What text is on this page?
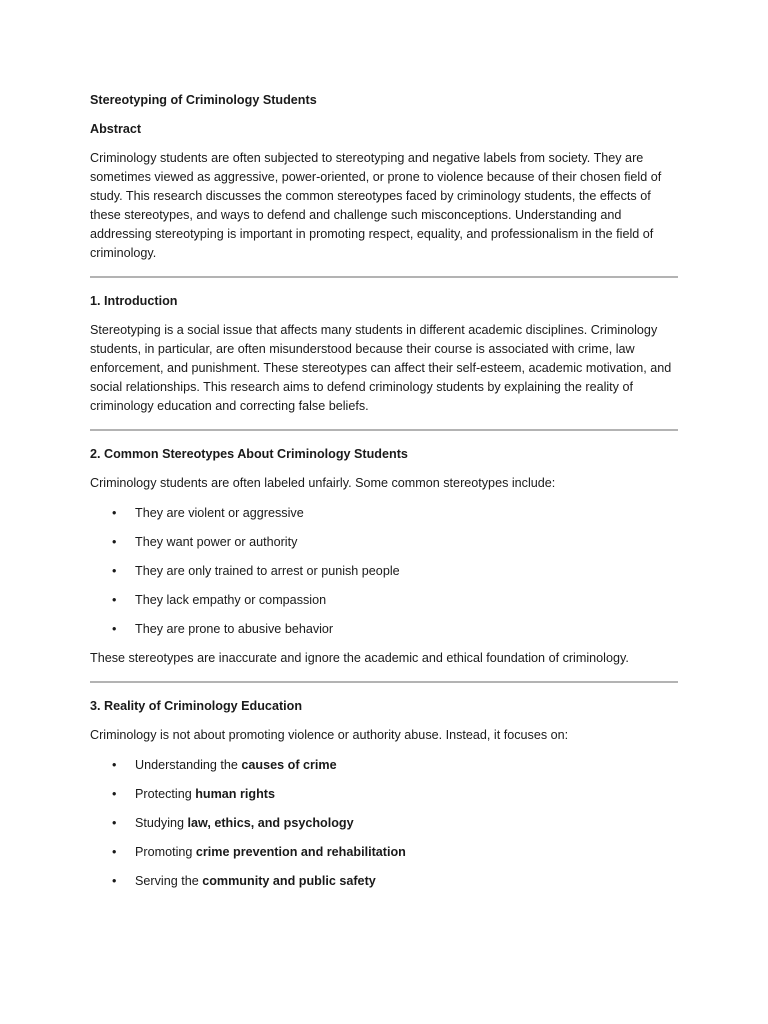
Stereotyping of Criminology Students

Abstract

Criminology students are often subjected to stereotyping and negative labels from society. They are sometimes viewed as aggressive, power-oriented, or prone to violence because of their chosen field of study. This research discusses the common stereotypes faced by criminology students, the effects of these stereotypes, and ways to defend and challenge such misconceptions. Understanding and addressing stereotyping is important in promoting respect, equality, and professionalism in the field of criminology.

1. Introduction

Stereotyping is a social issue that affects many students in different academic disciplines. Criminology students, in particular, are often misunderstood because their course is associated with crime, law enforcement, and punishment. These stereotypes can affect their self-esteem, academic motivation, and social relationships. This research aims to defend criminology students by explaining the reality of criminology education and correcting false beliefs.

2. Common Stereotypes About Criminology Students

Criminology students are often labeled unfairly. Some common stereotypes include:

• They are violent or aggressive
• They want power or authority
• They are only trained to arrest or punish people
• They lack empathy or compassion
• They are prone to abusive behavior

These stereotypes are inaccurate and ignore the academic and ethical foundation of criminology.

3. Reality of Criminology Education

Criminology is not about promoting violence or authority abuse. Instead, it focuses on:

• Understanding the causes of crime
• Protecting human rights
• Studying law, ethics, and psychology
• Promoting crime prevention and rehabilitation
• Serving the community and public safety
